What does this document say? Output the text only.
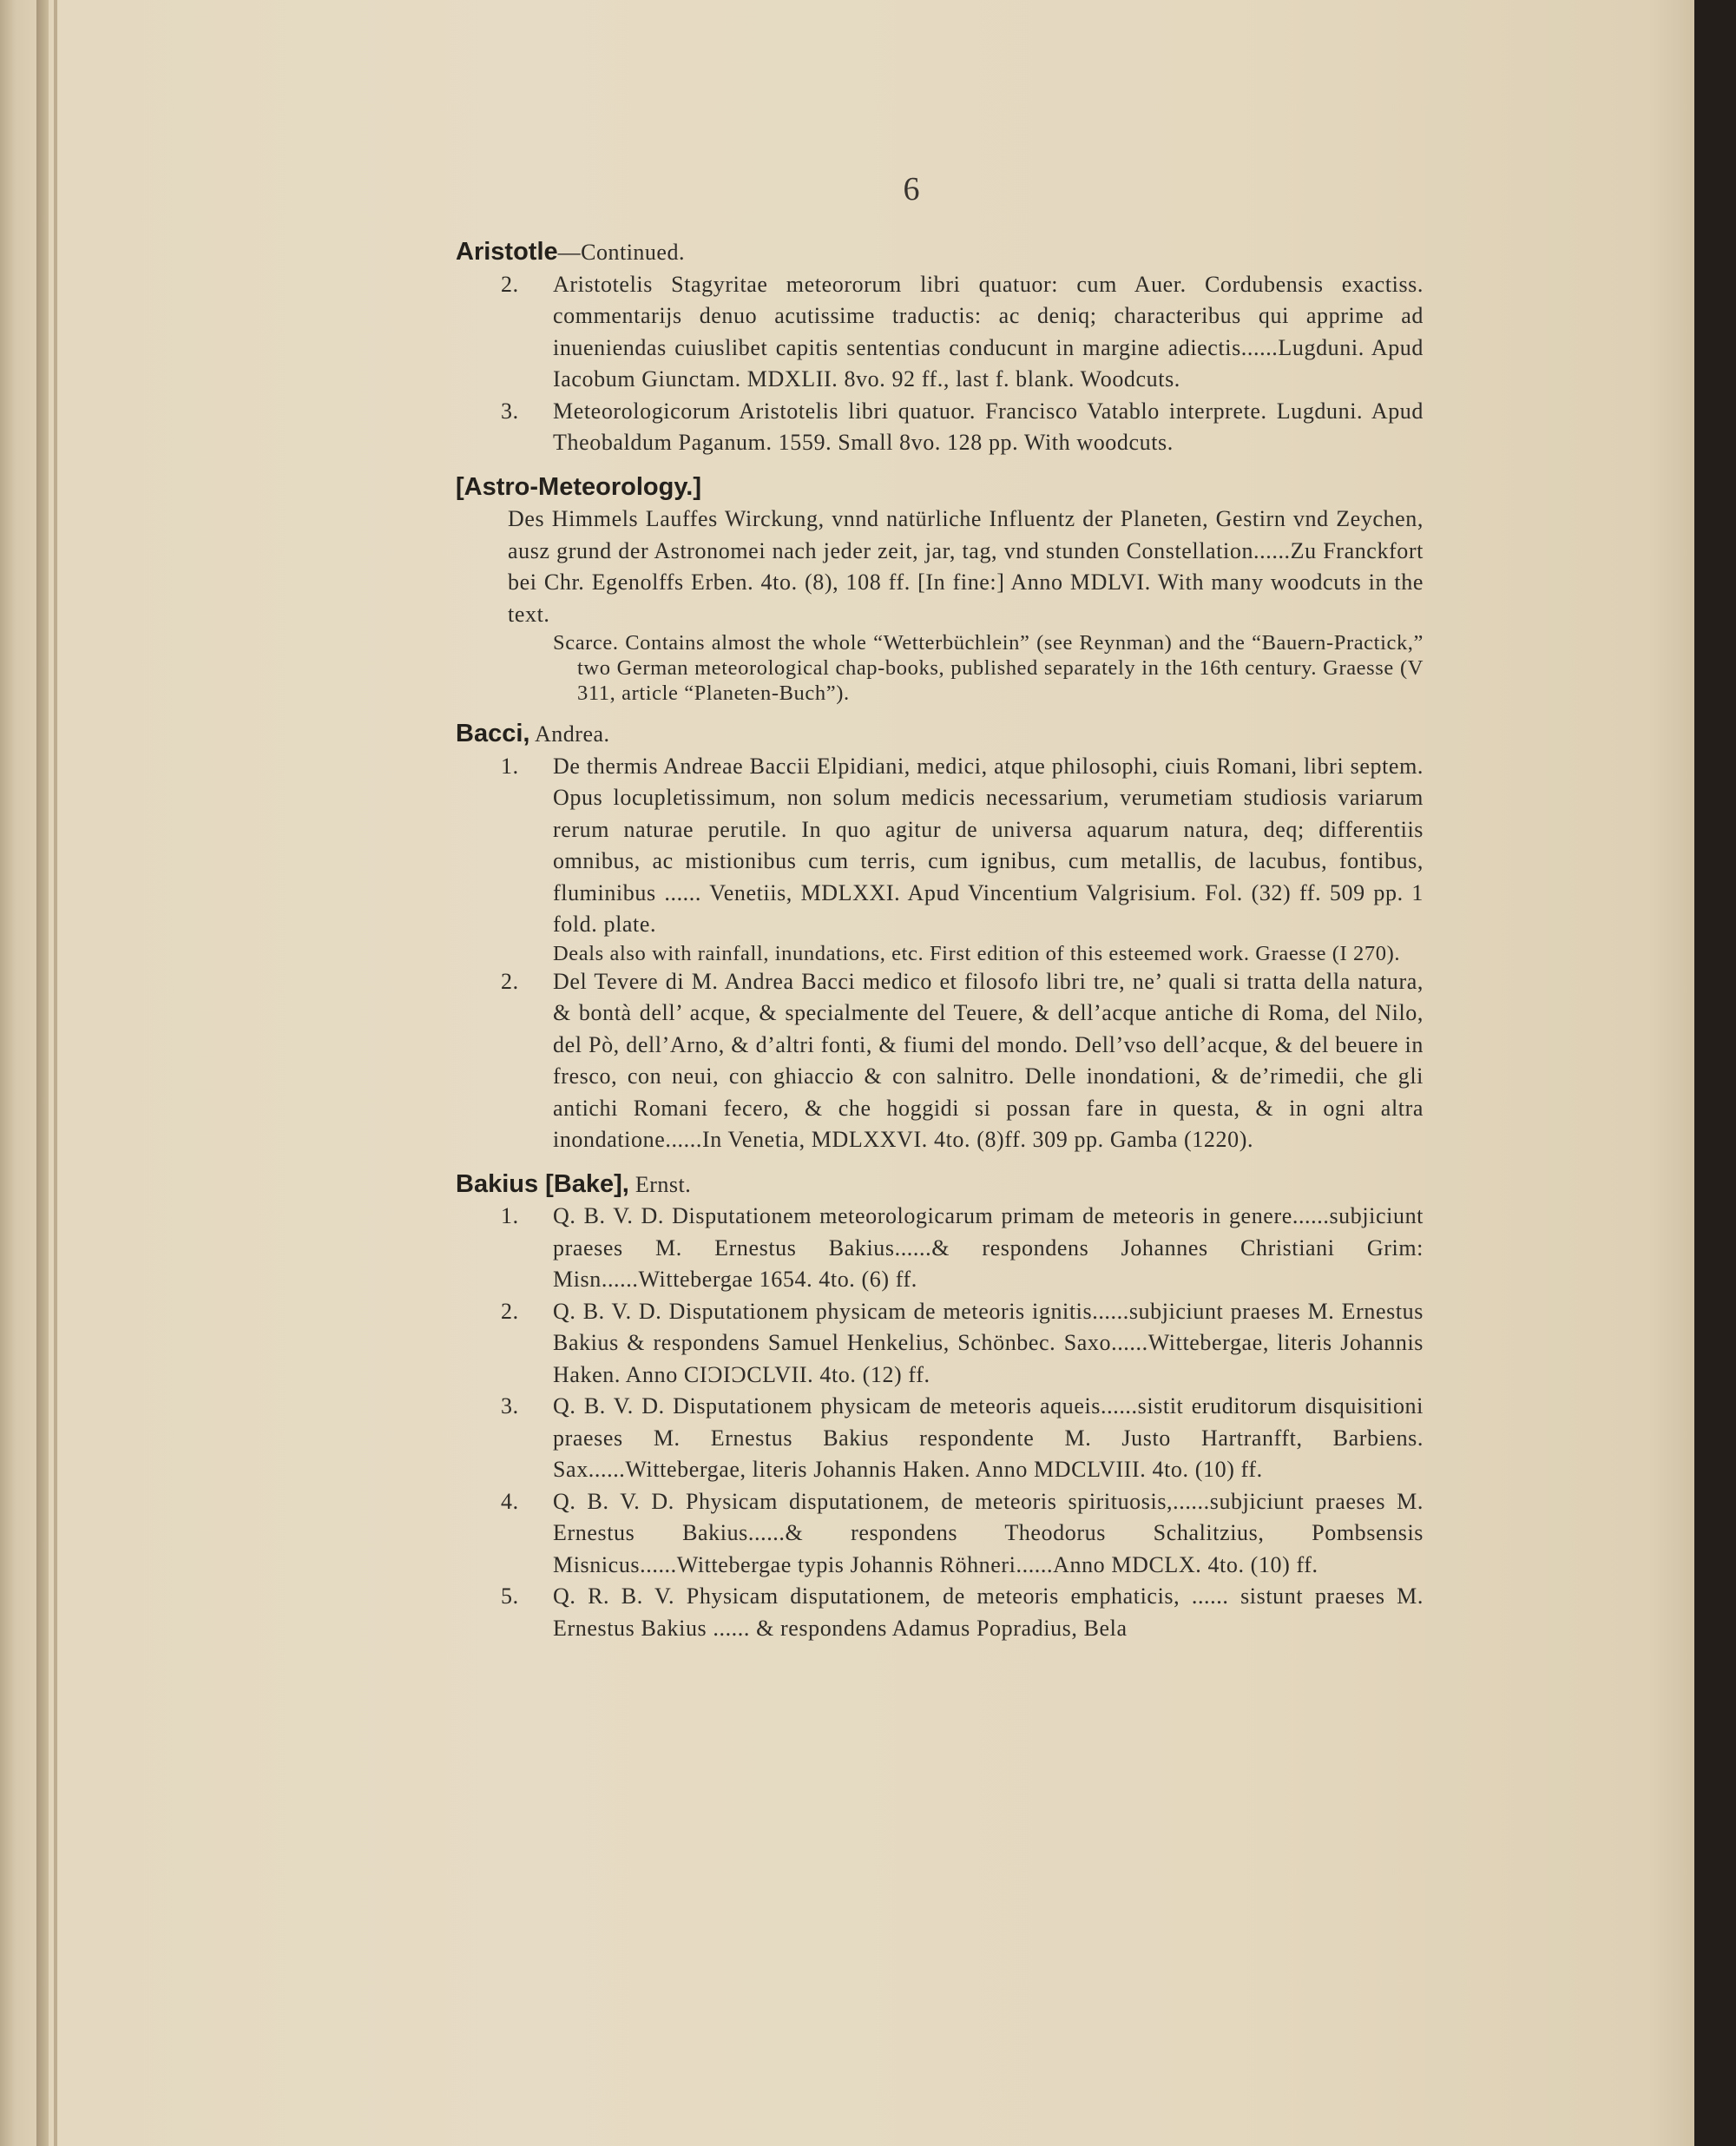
6

Aristotle—Continued.

2. Aristotelis Stagyritae meteororum libri quatuor: cum Auer. Cordubensis exactiss. commentarijs denuo acutissime traductis: ac deniq; characteribus qui apprime ad inueniendas cuiuslibet capitis sententias conducunt in margine adiectis......Lugduni. Apud Iacobum Giunctam. MDXLII. 8vo. 92 ff., last f. blank. Woodcuts.
3. Meteorologicorum Aristotelis libri quatuor. Francisco Vatablo interprete. Lugduni. Apud Theobaldum Paganum. 1559. Small 8vo. 128 pp. With woodcuts.

[Astro-Meteorology.]

Des Himmels Lauffes Wirckung, vnnd natürliche Influentz der Planeten, Gestirn vnd Zeychen, ausz grund der Astronomei nach jeder zeit, jar, tag, vnd stunden Constellation......Zu Franckfort bei Chr. Egenolffs Erben. 4to. (8), 108 ff. [In fine:] Anno MDLVI. With many woodcuts in the text.
Scarce. Contains almost the whole “Wetterbüchlein” (see Reynman) and the “Bauern-Practick,” two German meteorological chap-books, published separately in the 16th century. Graesse (V 311, article “Planeten-Buch”).

Bacci, Andrea.

1. De thermis Andreae Baccii Elpidiani, medici, atque philosophi, ciuis Romani, libri septem. Opus locupletissimum, non solum medicis necessarium, verumetiam studiosis variarum rerum naturae perutile. In quo agitur de universa aquarum natura, deq; differentiis omnibus, ac mistionibus cum terris, cum ignibus, cum metallis, de lacubus, fontibus, fluminibus ...... Venetiis, MDLXXI. Apud Vincentium Valgrisium. Fol. (32) ff. 509 pp. 1 fold. plate.
Deals also with rainfall, inundations, etc. First edition of this esteemed work. Graesse (I 270).
2. Del Tevere di M. Andrea Bacci medico et filosofo libri tre, ne’ quali si tratta della natura, & bontà dell’ acque, & specialmente del Teuere, & dell’acque antiche di Roma, del Nilo, del Pò, dell’Arno, & d’altri fonti, & fiumi del mondo. Dell’vso dell’acque, & del beuere in fresco, con neui, con ghiaccio & con salnitro. Delle inondationi, & de’rimedii, che gli antichi Romani fecero, & che hoggidi si possan fare in questa, & in ogni altra inondatione......In Venetia, MDLXXVI. 4to. (8)ff. 309 pp. Gamba (1220).

Bakius [Bake], Ernst.

1. Q. B. V. D. Disputationem meteorologicarum primam de meteoris in genere......subjiciunt praeses M. Ernestus Bakius......& respondens Johannes Christiani Grim: Misn......Wittebergae 1654. 4to. (6) ff.
2. Q. B. V. D. Disputationem physicam de meteoris ignitis......subjiciunt praeses M. Ernestus Bakius & respondens Samuel Henkelius, Schönbec. Saxo......Wittebergae, literis Johannis Haken. Anno CIƆIƆCLVII. 4to. (12) ff.
3. Q. B. V. D. Disputationem physicam de meteoris aqueis......sistit eruditorum disquisitioni praeses M. Ernestus Bakius respondente M. Justo Hartranfft, Barbiens. Sax......Wittebergae, literis Johannis Haken. Anno MDCLVIII. 4to. (10) ff.
4. Q. B. V. D. Physicam disputationem, de meteoris spirituosis,......subjiciunt praeses M. Ernestus Bakius......& respondens Theodorus Schalitzius, Pombsensis Misnicus......Wittebergae typis Johannis Röhneri......Anno MDCLX. 4to. (10) ff.
5. Q. R. B. V. Physicam disputationem, de meteoris emphaticis, ...... sistunt praeses M. Ernestus Bakius ...... & respondens Adamus Popradius, Bela
